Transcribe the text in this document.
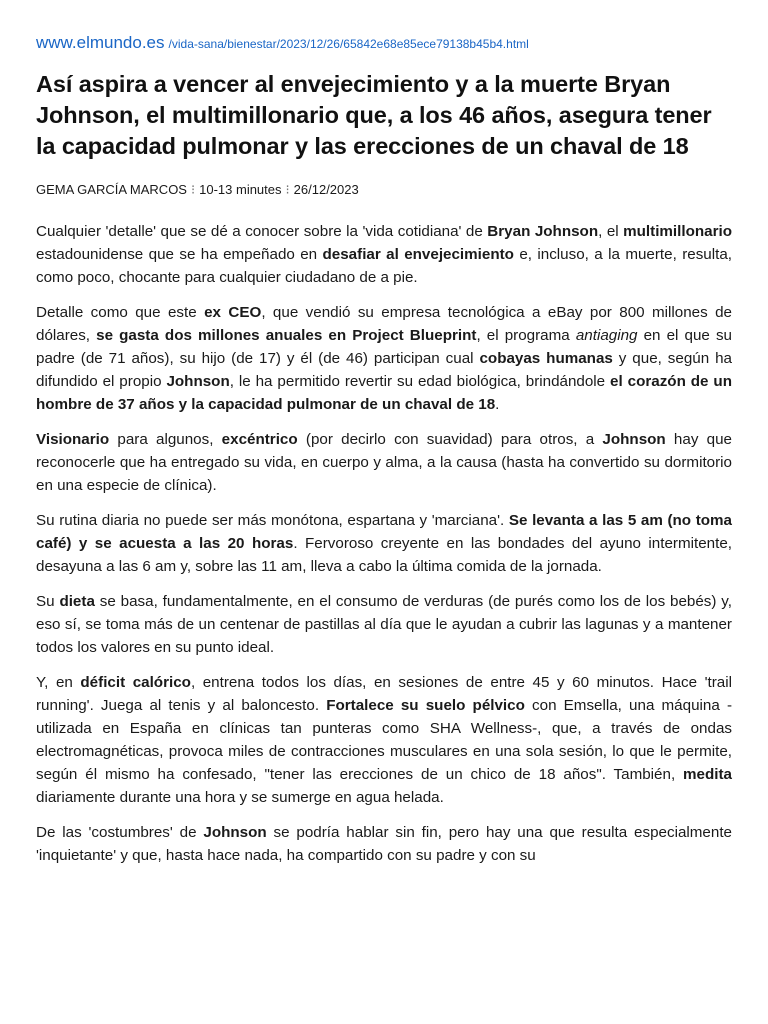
www.elmundo.es /vida-sana/bienestar/2023/12/26/65842e68e85ece79138b45b4.html
Así aspira a vencer al envejecimiento y a la muerte Bryan Johnson, el multimillonario que, a los 46 años, asegura tener la capacidad pulmonar y las erecciones de un chaval de 18
GEMA GARCÍA MARCOS ⁝ 10-13 minutes ⁝ 26/12/2023

Cualquier 'detalle' que se dé a conocer sobre la 'vida cotidiana' de Bryan Johnson, el multimillonario estadounidense que se ha empeñado en desafiar al envejecimiento e, incluso, a la muerte, resulta, como poco, chocante para cualquier ciudadano de a pie.

Detalle como que este ex CEO, que vendió su empresa tecnológica a eBay por 800 millones de dólares, se gasta dos millones anuales en Project Blueprint, el programa antiaging en el que su padre (de 71 años), su hijo (de 17) y él (de 46) participan cual cobayas humanas y que, según ha difundido el propio Johnson, le ha permitido revertir su edad biológica, brindándole el corazón de un hombre de 37 años y la capacidad pulmonar de un chaval de 18.

Visionario para algunos, excéntrico (por decirlo con suavidad) para otros, a Johnson hay que reconocerle que ha entregado su vida, en cuerpo y alma, a la causa (hasta ha convertido su dormitorio en una especie de clínica).

Su rutina diaria no puede ser más monótona, espartana y 'marciana'. Se levanta a las 5 am (no toma café) y se acuesta a las 20 horas. Fervoroso creyente en las bondades del ayuno intermitente, desayuna a las 6 am y, sobre las 11 am, lleva a cabo la última comida de la jornada.

Su dieta se basa, fundamentalmente, en el consumo de verduras (de purés como los de los bebés) y, eso sí, se toma más de un centenar de pastillas al día que le ayudan a cubrir las lagunas y a mantener todos los valores en su punto ideal.

Y, en déficit calórico, entrena todos los días, en sesiones de entre 45 y 60 minutos. Hace 'trail running'. Juega al tenis y al baloncesto. Fortalece su suelo pélvico con Emsella, una máquina -utilizada en España en clínicas tan punteras como SHA Wellness-, que, a través de ondas electromagnéticas, provoca miles de contracciones musculares en una sola sesión, lo que le permite, según él mismo ha confesado, "tener las erecciones de un chico de 18 años". También, medita diariamente durante una hora y se sumerge en agua helada.

De las 'costumbres' de Johnson se podría hablar sin fin, pero hay una que resulta especialmente 'inquietante' y que, hasta hace nada, ha compartido con su padre y con su
